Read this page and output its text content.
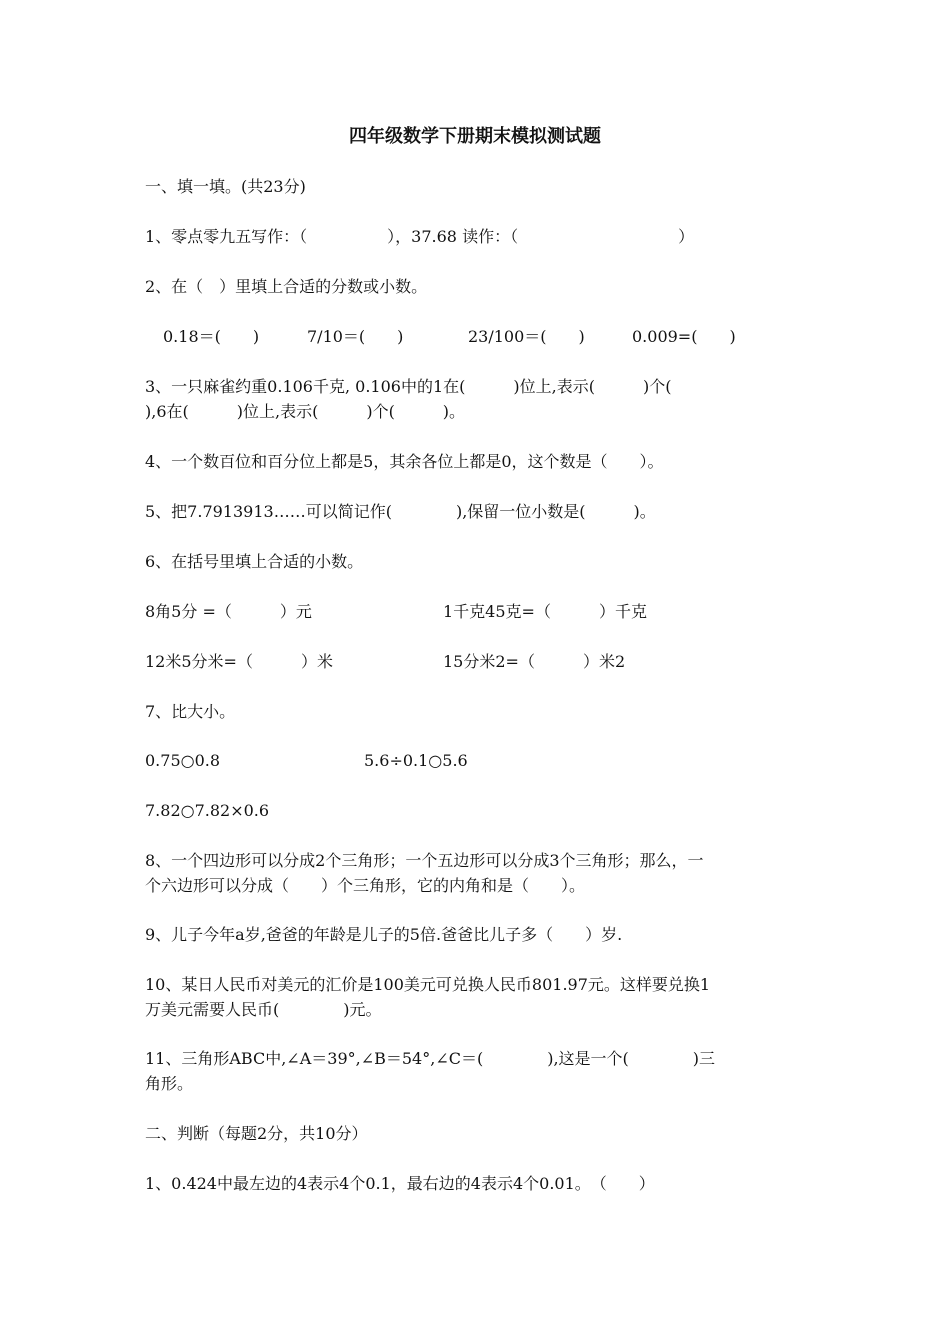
四年级数学下册期末模拟测试题
一、填一填。(共23分)
1、零点零九五写作：（　　　　　），37.68 读作：（　　　　　　　　　　）
2、在（　）里填上合适的分数或小数。
0.18＝(　　)	7/10＝(　　)	23/100＝(　　)	0.009=(　　)
3、一只麻雀约重0.106千克, 0.106中的1在(　　　)位上,表示(　　　)个(
),6在(　　　)位上,表示(　　　)个(　　　)。
4、一个数百位和百分位上都是5，其余各位上都是0，这个数是（　　）。
5、把7.7913913……可以简记作(　　　　),保留一位小数是(　　　)。
6、在括号里填上合适的小数。
8角5分 =（　　　）元	1千克45克=（　　　）千克
12米5分米=（　　　）米	15分米2=（　　　）米2
7、比大小。
0.75○0.8	5.6÷0.1○5.6
7.82○7.82×0.6
8、一个四边形可以分成2个三角形；一个五边形可以分成3个三角形；那么，一
个六边形可以分成（　　）个三角形，它的内角和是（　　）。
9、儿子今年a岁,爸爸的年龄是儿子的5倍.爸爸比儿子多（　　）岁.
10、某日人民币对美元的汇价是100美元可兑换人民币801.97元。这样要兑换1
万美元需要人民币(　　　　)元。
11、三角形ABC中,∠A＝39°,∠B＝54°,∠C＝(　　　　),这是一个(　　　　)三
角形。
二、判断（每题2分，共10分）
1、0.424中最左边的4表示4个0.1，最右边的4表示4个0.01。　（　　）
